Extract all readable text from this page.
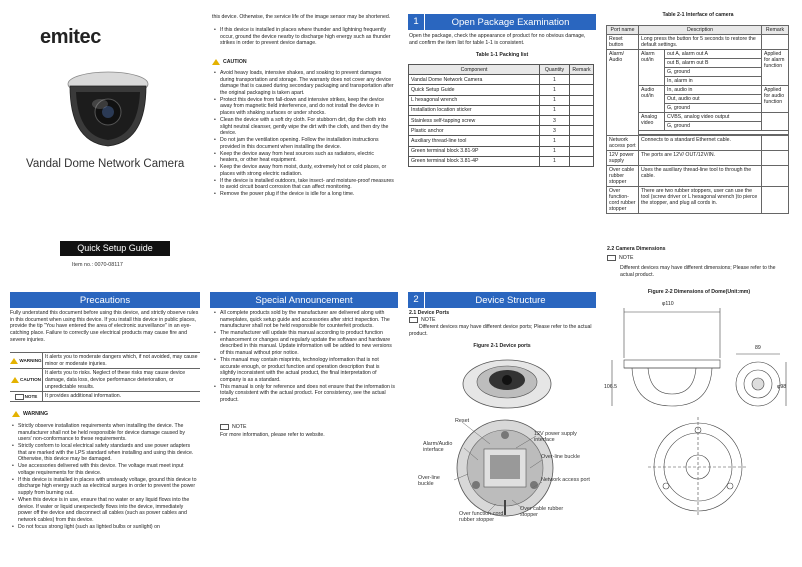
emitec
Vandal Dome Network Camera
Quick Setup Guide
Item no.: 0070-08117
Precautions
Fully understand this document before using this device, and strictly observe rules in this document when using this device. If you install this device in public places, provide the tip "You have entered the area of electronic surveillance" in an eye-catching place. Failure to correctly use electrical products may cause fire and severe injuries.
WARNING
It alerts you to moderate dangers which, if not avoided, may cause minor or moderate injuries.
CAUTION
It alerts you to risks. Neglect of these risks may cause device damage, data loss, device performance deterioration, or unpredictable results.
NOTE	It provides additional information.
WARNING
• Strictly observe installation requirements when installing the device. The manufacturer shall not be held responsible for device damage caused by users' non-conformance to these requirements.
• Strictly conform to local electrical safety standards and use power adapters that are marked with the LPS standard when installing and using this device. Otherwise, this device may be damaged.
• Use accessories delivered with this device. The voltage must meet input voltage requirements for this device.
• If this device is installed in places with unsteady voltage, ground this device to discharge high energy such as electrical surges in order to prevent the power supply from burning out.
• When this device is in use, ensure that no water or any liquid flows into the device. If water or liquid unexpectedly flows into the device, immediately power off the device and disconnect all cables (such as power cables and network cables) from this device.
• Do not focus strong light (such as lighted bulbs or sunlight) on
this device. Otherwise, the service life of the image sensor may be shortened.
• If this device is installed in places where thunder and lightning frequently occur, ground the device nearby to discharge high energy such as thunder strikes in order to prevent device damage.
CAUTION
• Avoid heavy loads, intensive shakes, and soaking to prevent damages during transportation and storage. The warranty does not cover any device damage that is caused during secondary packaging and transportation after the original packaging is taken apart.
• Protect this device from fall-down and intensive strikes, keep the device away from magnetic field interference, and do not install the device in places with shaking surfaces or under shocks.
• Clean the device with a soft dry cloth. For stubborn dirt, dip the cloth into slight neutral cleanser, gently wipe the dirt with the cloth, and then dry the device.
• Do not jam the ventilation opening. Follow the installation instructions provided in this document when installing the device.
• Keep the device away from heat sources such as radiators, electric heaters, or other heat equipment.
• Keep the device away from moist, dusty, extremely hot or cold places, or places with strong electric radiation.
• If the device is installed outdoors, take insect- and moisture-proof measures to avoid circuit board corrosion that can affect monitoring.
• Remove the power plug if the device is idle for a long time.
Special Announcement
• All complete products sold by the manufacturer are delivered along with nameplates, quick setup guide and accessories after strict inspection. The manufacturer shall not be held responsible for counterfeit products.
• The manufacturer will update this manual according to product function enhancement or changes and regularly update the software and hardware described in this manual. Update information will be added to new versions of this manual without prior notice.
• This manual may contain misprints, technology information that is not accurate enough, or product function and operation description that is slightly inconsistent with the actual product, the final interpretation of company is as a standard.
• This manual is only for reference and does not ensure that the information is totally consistent with the actual product. For consistency, see the actual product.
NOTE
For more information, please refer to website.
1	Open Package Examination
Open the package, check the appearance of product for no obvious damage, and confirm the item list for table 1-1 is consistent.
Table 1-1 Packing list
Component	Quantity	Remark
Vandal Dome Network Camera	1	
Quick Setup Guide	1	
L hexagonal wrench	1	
Installation location sticker	1	
Stainless self-tapping screw	3	
Plastic anchor	3	
Auxiliary thread-line tool	1	
Green terminal block 3.81-9P	1	
Green terminal block 3.81-4P	1	
2	Device Structure
2.1 Device Ports
NOTE
Different devices may have different device ports; Please refer to the actual product.
Figure 2-1 Device ports
Reset
Alarm/Audio interface
Over-line buckle
12V power supply interface
Over-line buckle
Network access port
Over cable rubber stopper
Over function-cord rubber stopper
Table 2-1 Interface of camera
Port name	Description		Remark
Reset button	Long press the button for 5 seconds to restore the default settings.		
Alarm/ Audio	Alarm out/in	out A, alarm out A	Applied for alarm function
		out B, alarm out B	
		G, ground	
		In, alarm in	
	Audio out/in	In, audio in	Applied for audio function
		Out, audio out	
		G, ground	
	Analog video	CVBS, analog video output	
		G, ground	

Network access port	Connects to a standard Ethernet cable.		
12V power supply	The ports are 12V/ OUT/12V/IN.		
Over cable rubber stopper	Uses the auxiliary thread-line tool to through the cable.		
Over function-cord rubber stopper	There are two rubber stoppers, user can use the tool (screw driver or L hexagonal wrench )to pierce the stopper, and plug all cords in.		
2.2 Camera Dimensions
NOTE
Different devices may have different dimensions; Please refer to the actual product.
Figure 2-2 Dimensions of Dome(Unit:mm)
φ110
106.5
89
φ98
